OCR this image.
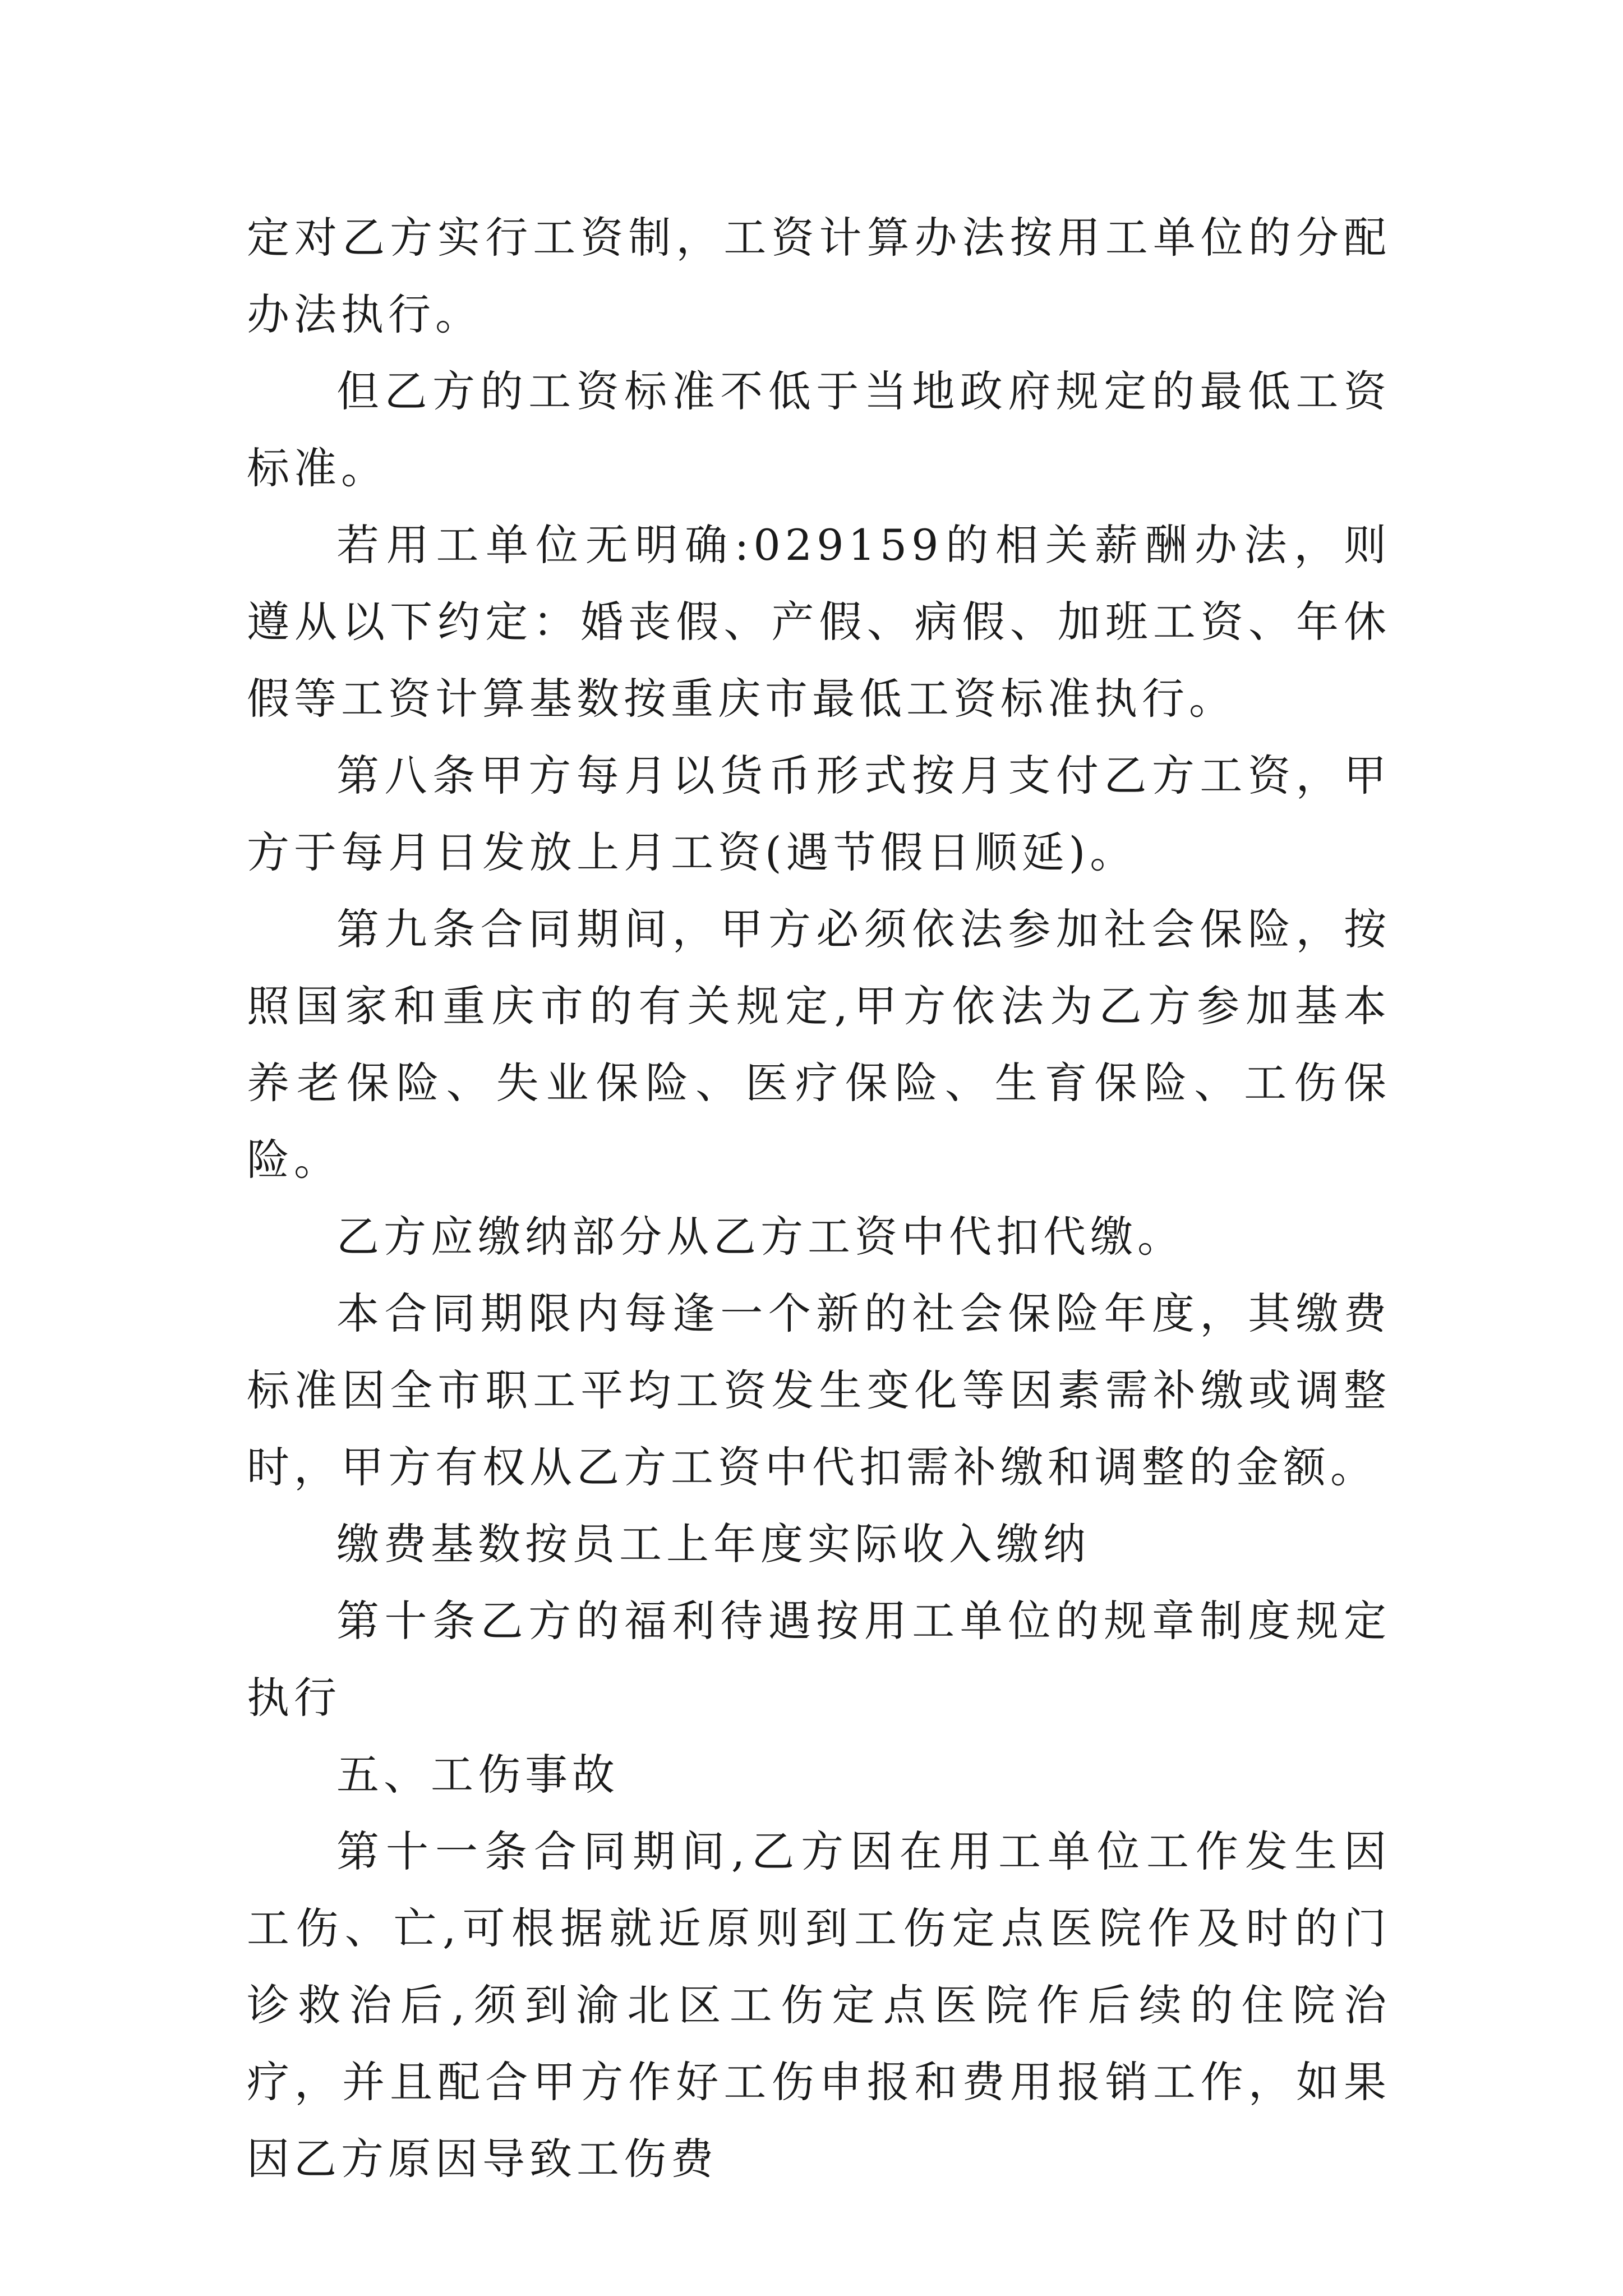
定对乙方实行工资制，工资计算办法按用工单位的分配办法执行。

但乙方的工资标准不低于当地政府规定的最低工资标准。

若用工单位无明确:029159的相关薪酬办法，则遵从以下约定：婚丧假、产假、病假、加班工资、年休假等工资计算基数按重庆市最低工资标准执行。

第八条甲方每月以货币形式按月支付乙方工资，甲方于每月日发放上月工资(遇节假日顺延)。

第九条合同期间，甲方必须依法参加社会保险，按照国家和重庆市的有关规定,甲方依法为乙方参加基本养老保险、失业保险、医疗保险、生育保险、工伤保险。

乙方应缴纳部分从乙方工资中代扣代缴。

本合同期限内每逢一个新的社会保险年度，其缴费标准因全市职工平均工资发生变化等因素需补缴或调整时，甲方有权从乙方工资中代扣需补缴和调整的金额。

缴费基数按员工上年度实际收入缴纳

第十条乙方的福利待遇按用工单位的规章制度规定执行

五、工伤事故

第十一条合同期间,乙方因在用工单位工作发生因工伤、亡,可根据就近原则到工伤定点医院作及时的门诊救治后,须到渝北区工伤定点医院作后续的住院治疗，并且配合甲方作好工伤申报和费用报销工作，如果因乙方原因导致工伤费
